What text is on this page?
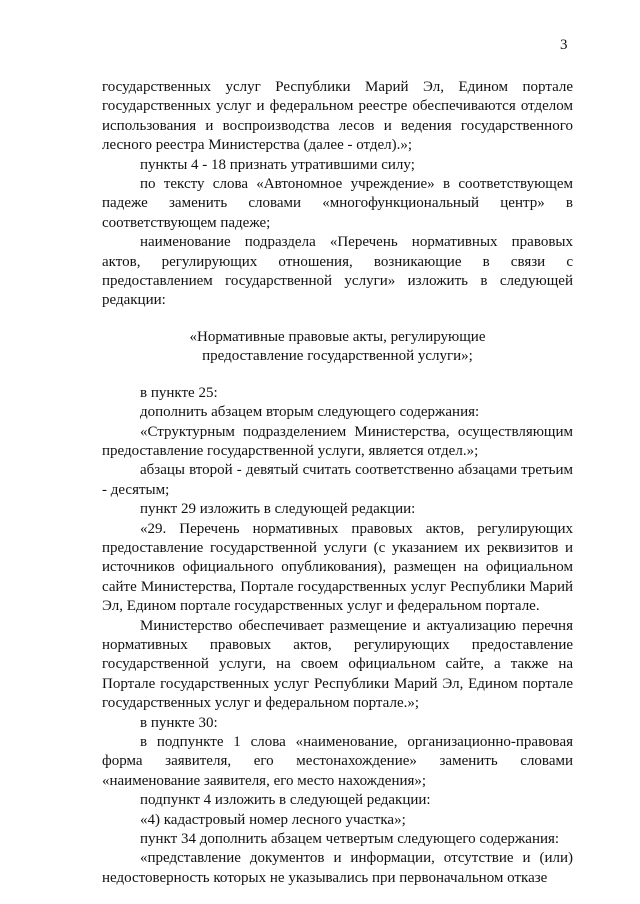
3

государственных услуг Республики Марий Эл, Едином портале государственных услуг и федеральном реестре обеспечиваются отделом использования и воспроизводства лесов и ведения государственного лесного реестра Министерства (далее - отдел).»;

пункты 4 - 18 признать утратившими силу;

по тексту слова «Автономное учреждение» в соответствующем падеже заменить словами «многофункциональный центр» в соответствующем падеже;

наименование подраздела «Перечень нормативных правовых актов, регулирующих отношения, возникающие в связи с предоставлением государственной услуги» изложить в следующей редакции:

«Нормативные правовые акты, регулирующие

предоставление государственной услуги»;

в пункте 25:

дополнить абзацем вторым следующего содержания:

«Структурным подразделением Министерства, осуществляющим предоставление государственной услуги, является отдел.»;

абзацы второй - девятый считать соответственно абзацами третьим - десятым;

пункт 29 изложить в следующей редакции:

«29. Перечень нормативных правовых актов, регулирующих предоставление государственной услуги (с указанием их реквизитов и источников официального опубликования), размещен на официальном сайте Министерства, Портале государственных услуг Республики Марий Эл, Едином портале государственных услуг и федеральном портале.

Министерство обеспечивает размещение и актуализацию перечня нормативных правовых актов, регулирующих предоставление государственной услуги, на своем официальном сайте, а также на Портале государственных услуг Республики Марий Эл, Едином портале государственных услуг и федеральном портале.»;

в пункте 30:

в подпункте 1 слова «наименование, организационно-правовая форма заявителя, его местонахождение» заменить словами «наименование заявителя, его место нахождения»;

подпункт 4 изложить в следующей редакции:

«4) кадастровый номер лесного участка»;

пункт 34 дополнить абзацем четвертым следующего содержания:

«представление документов и информации, отсутствие и (или) недостоверность которых не указывались при первоначальном отказе
